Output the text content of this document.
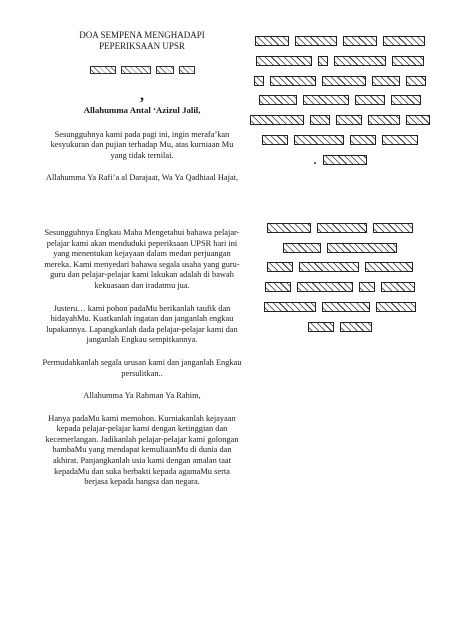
DOA SEMPENA MENGHADAPI

PEPERIKSAAN UPSR

,

Allahumma Antal ‘Azizul Jalil,

Sesungguhnya kami pada pagi ini, ingin merafa’kan kesyukuran dan pujian terhadap Mu, atas kurniaan Mu yang tidak ternilai.

Allahumma Ya Rafi’a al Darajaat, Wa Ya Qadhiaal Hajat,

Sesungguhnya Engkau Maha Mengetahui bahawa pelajar-pelajar kami akan menduduki peperiksaan UPSR hari ini yang menentukan kejayaan dalam medan perjuangan mereka. Kami menyedari bahawa segala usaha yang guru-guru dan pelajar-pelajar kami lakukan adalah di bawah kekuasaan dan iradatmu jua.

Justeru… kami pohon padaMu berikanlah taufik dan hidayahMu. Kuatkanlah ingatan dan janganlah engkau lupakannya. Lapangkanlah dada pelajar-pelajar kami dan janganlah Engkau sempitkannya.

Permudahkanlah segala urusan kami dan janganlah Engkau persulitkan..

Allahumma Ya Rahman Ya Rahim,

Hanya padaMu kami memohon. Kurniakanlah kejayaan kepada pelajar-pelajar kami dengan ketinggian dan kecemerlangan. Jadikanlah pelajar-pelajar kami golongan hambaMu yang mendapat kemuliaanMu di dunia dan akhirat. Panjangkanlah usia kami dengan amalan taat kepadaMu dan suka berbakti kepada agamaMu serta berjasa kepada bangsa dan negara.

.
